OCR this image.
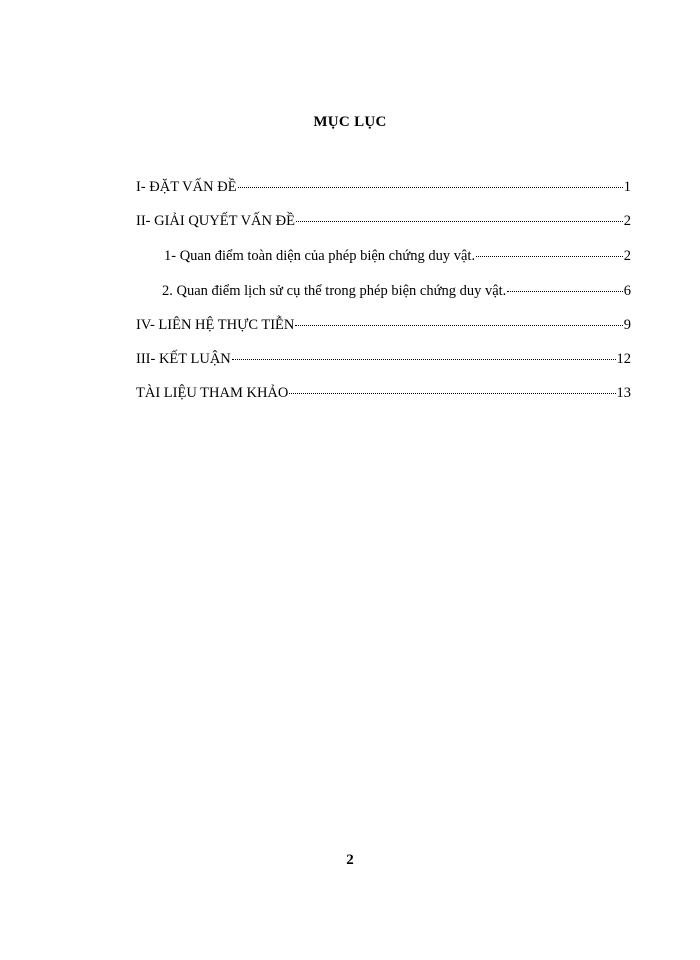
MỤC LỤC
I- ĐẶT VẤN ĐỀ	1
II- GIẢI QUYẾT VẤN ĐỀ	2
1- Quan điểm toàn diện của phép biện chứng duy vật.	2
2. Quan điểm lịch sử cụ thể trong phép biện chứng duy vật.	6
IV- LIÊN HỆ THỰC TIỄN	9
III- KẾT LUẬN	12
TÀI LIỆU THAM KHẢO	13
2
